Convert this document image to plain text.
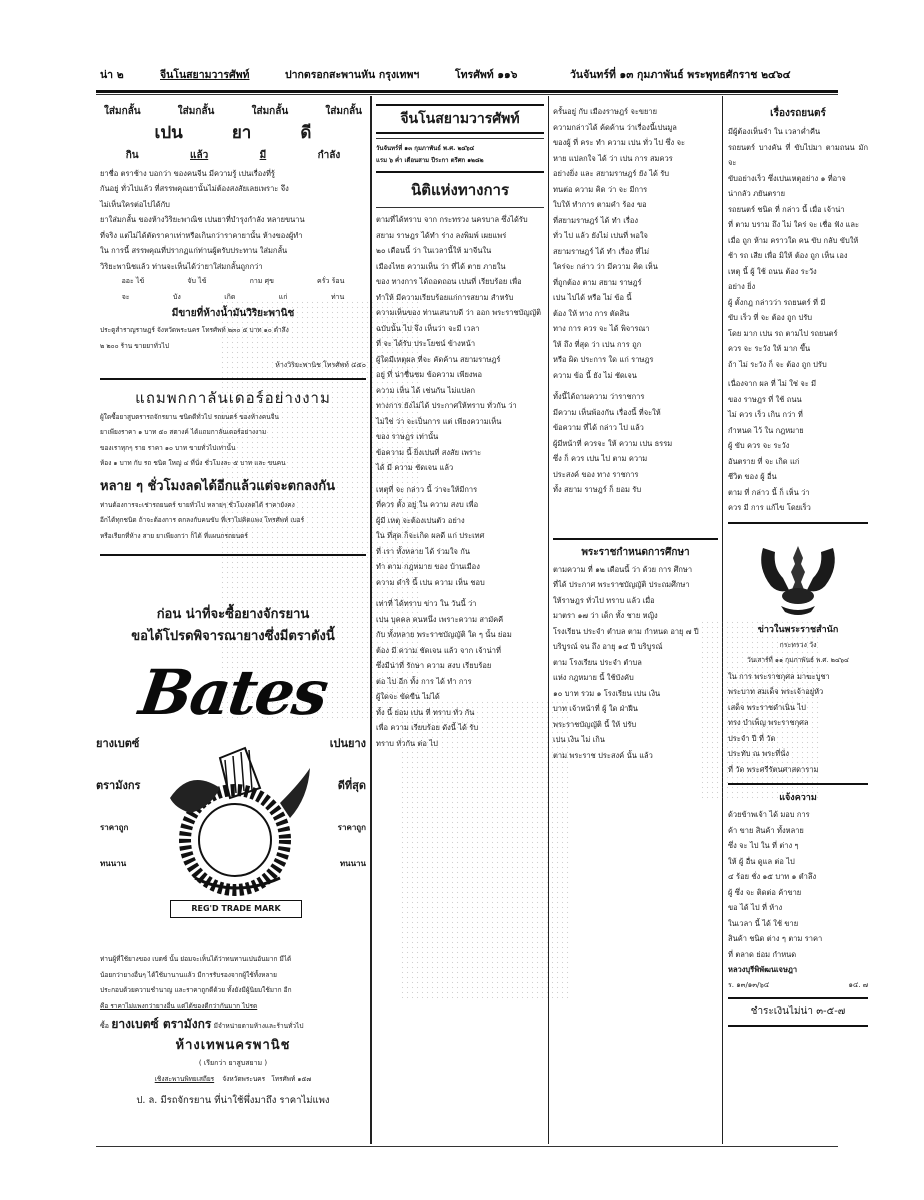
น่า ๒	จีนโนสยามวารศัพท์	ปากตรอกสะพานหัน กรุงเทพฯ	โทรศัพท์ ๑๑๖	วันจันทร์ที่ ๑๓ กุมภาพันธ์ พระพุทธศักราช ๒๔๖๔
ใส่มกลั้น	ใส่มกลั้น	ใส่มกลั้น	ใส่มกลั้น
เปน	ยา	ดี
กิน	แล้ว	มี	กำลัง

ยาชื่อ ตราช้าง บอกว่า ของคนจีน มีความรู้ เปนเรื่องที่รู้

กันอยู่ ทั่วไปแล้ว ที่สรรพคุณยานั้นไม่ต้องสงสัยเลยเพราะ จึง

ไม่เห็นใครต่อไปได้กับ

ยาใส่มกลั้น ของห้างวิริยะพาณิช เปนยาที่บำรุงกำลัง หลายขนาน

ที่จริง แต่ไม่ได้ตัดราคาเท่าหรือเกินกว่าราคายานั้น ห้างของผู้ทำ

ใน การนี้ สรรพคุณที่ปรากฏแก่ท่านผู้ตรับประทาน ใส่มกลั้น

วิริยะพานิชแล้ว ท่านจะเห็นได้ว่ายาใส่มกลั้นถูกกว่า

ออะ ไข้	จับ ไข้	กาม ศุข	ครั่ว ร้อน
จะ	บัง	เกิด	แก่	ท่าน
มีขายที่ห้างน้ำมันวิริยะพานิช

ประตูสำราญราษฎร์ จังหวัดพระนคร โทรศัพท์ ๒๓๐ ๕ บาท ๑๐ ตำลึง

๒ ๒๐๐ ร้าน ขายยาทั่วไป

ห้างวิริยะพานิช โทรศัพท์ ๔๕๐
แถมพกกาลันเดอร์อย่างงาม

ผู้ใดซื้อยาสูบตรารถจักรยาน ชนิดดีทั่วไป รถยนตร์ ของห้างคนจีน

ยาเพียงราคา ๑ บาท ๕๐ สตางค์ ได้แถมกาลันเดอร์อย่างงาม

ของเราทุกๆ ราย ราคา ๑๐ บาท ขายทั่วไปเท่านั้น

ห้อง ๑ บาท กับ รถ ชนิด ใหญ่ ๔ ที่นั่ง ชั่วโมงละ ๕ บาท และ ขนคน

หลาย ๆ ชั่วโมงลดได้อีกแล้วแต่จะตกลงกัน

ท่านต้องการจะเช่ารถยนตร์ ขายทั่วไป หลายๆ ชั่วโมงลดได้ ราคายังคง

อีกได้ทุกชนิด ถ้าจะต้องการ ตกลงกับคนขับ ที่เราไม่คิดแพง โทรศัพท์ เบอร์

หรือเรียกที่ห้าง สาย ยาเพียงกว่า ก็ได้ ที่แผนกรถยนตร์

ก่อน น่าที่จะซื้อยางจักรยาน
ขอได้โปรดพิจารณายางซึ่งมีตราดังนี้
Bates
ยางเบตซ์
ตรามังกร
ราคาถูก
ทนนาน
เปนยาง
ดีที่สุด
ราคาถูก
ทนนาน
REG'D TRADE MARK

ท่านผู้ที่ใช้ยางของ เบตซ์ นั้น ย่อมจะเห็นได้ว่าทนทานเปนอันมาก มีได้

น้อยกว่ายางอื่นๆ ได้ใช้มานานแล้ว มีการรับรองจากผู้ใช้ทั้งหลาย

ประกอบด้วยความชำนาญ และราคาถูกดีด้วย ทั้งยังมีผู้นิยมใช้มาก อีก

คือ ราคาไม่แพงกว่ายางอื่น แต่ได้ของดีกว่ากันมาก ไปรด

ซื้อ ยางเบตซ์ ตรามังกร มีจำหน่ายตามห้างและร้านทั่วไป
ห้างเทพนครพานิช
( เรียกว่า ยาสูบสยาม )
เชิงสะพานพิทยเสถียร จังหวัดพระนคร โทรศัพท์ ๑๕๗
ป. ล. มีรถจักรยาน ที่น่าใช้พึ่งมาถึง ราคาไม่แพง
จีนโนสยามวารศัพท์
วันจันทร์ที่ ๑๓ กุมภาพันธ์ พ.ศ. ๒๔๖๔
แรม ๖ ค่ำ เดือนสาม ปีระกา ตรีศก ๑๒๘๒
นิติแห่งทางการ

ตามที่ได้ทราบ จาก กระทรวง นครบาล ซึ่งได้รับ

สยาม ราษฎร ได้ทำ ร่าง ลงพิมพ์ เผยแพร่

๒๐ เดือนนี้ ว่า ในเวลานี้ให้ มาจีนใน

เมืองไทย ความเห็น ว่า ที่ได้ ตาย ภายใน

ของ ทางการ ได้ถอดถอน เปนที่ เรียบร้อย เพื่อ

ทำให้ มีความเรียบร้อยแก่การสยาม สำหรับ

ความเห็นของ ท่านเสนาบดี ว่า ออก พระราชบัญญัติ

ฉบับนั้น ไป จึง เห็นว่า จะมี เวลา

ที่ จะ ได้รับ ประโยชน์ ข้างหน้า

ผู้ใดมีเหตุผล ที่จะ คัดค้าน สยามราษฎร์

อยู่ ที่ น่าชื่นชม ข้อความ เพียงพอ

ความ เห็น ได้ เช่นกัน ไม่แปลก

ทางการ ยังไม่ได้ ประกาศให้ทราบ ทั่วกัน ว่า

ไม่ใช่ ว่า จะเป็นการ แต่ เพียงความเห็น

ของ ราษฎร เท่านั้น

ข้อความ นี้ ยิ่งเปนที่ สงสัย เพราะ

ได้ มี ความ ชัดเจน แล้ว

เหตุที่ จะ กล่าว นี้ ว่าจะให้มีการ

ที่ควร ตั้ง อยู่ ใน ความ สงบ เพื่อ

ผู้มี เหตุ จะต้องเปนตัว อย่าง

ใน ที่สุด ก็จะเกิด ผลดี แก่ ประเทศ

ที่ เรา ทั้งหลาย ได้ ร่วมใจ กัน

ทำ ตาม กฎหมาย ของ บ้านเมือง

ความ ดำริ นี้ เปน ความ เห็น ชอบ

เท่าที่ ได้ทราบ ข่าว ใน วันนี้ ว่า

เปน บุคคล คนหนึ่ง เพราะความ สามัคคี

กับ ทั้งหลาย พระราชบัญญัติ ใด ๆ นั้น ย่อม

ต้อง มี ความ ชัดเจน แล้ว จาก เจ้าน่าที่

ซึ่งมีน่าที่ รักษา ความ สงบ เรียบร้อย

ต่อ ไป อีก ทั้ง การ ได้ ทำ การ

ผู้ใดจะ ขัดขืน ไม่ได้

ทั้ง นี้ ย่อม เปน ที่ ทราบ ทั่ว กัน

เพื่อ ความ เรียบร้อย ดังนี้ ได้ รับ

ทราบ ทั่วกัน ต่อ ไป

ครั้นอยู่ กับ เมืองราษฎร์ จะขยาย

ความกล่าวได้ ค้ดค้าน ว่าเรื่องนี้เปนมูล

ของผู้ ที่ คระ ทำ ความ เปน ทั่ว ไป ซึ่ง จะ

หาย แปลกใจ ได้ ว่า เปน การ สมควร

อย่างยิ่ง และ สยามราษฎร์ ยัง ได้ รับ

ทนต่อ ความ คิด ว่า จะ มีการ

ใบให้ ทำการ ตามคำ ร้อง ขอ

ที่สยามราษฎร์ ได้ ทำ เรื่อง

ทั่ว ไป แล้ว ยังไม่ เปนที่ พอใจ

สยามราษฎร์ ได้ ทำ เรื่อง ที่ไม่

ใคร่จะ กล่าว ว่า มีความ คิด เห็น

ที่ถูกต้อง ตาม สยาม ราษฎร์

เปน ไปได้ หรือ ไม่ ข้อ นี้

ต้อง ให้ ทาง การ ตัดสิน

ทาง การ ควร จะ ได้ พิจารณา

ให้ ถึง ที่สุด ว่า เปน การ ถูก

หรือ ผิด ประการ ใด แก่ ราษฎร

ความ ข้อ นี้ ยัง ไม่ ชัดเจน

ทั้งนี้ได้ถามความ ว่าราชการ

มีความ เห็นพ้องกัน เรื่องนี้ ที่จะให้

ข้อความ ที่ได้ กล่าว ไป แล้ว

ผู้มีหน้าที่ ควรจะ ให้ ความ เปน ธรรม

ซึ่ง ก็ ควร เปน ไป ตาม ความ

ประสงค์ ของ ทาง ราชการ

ทั้ง สยาม ราษฎร์ ก็ ยอม รับ

พระราชกำหนดการศึกษา

ตามความ ที่ ๑๒ เดือนนี้ ว่า ด้วย การ ศึกษา

ที่ได้ ประกาศ พระราชบัญญัติ ประถมศึกษา

ให้ราษฎร ทั่วไป ทราบ แล้ว เมื่อ

มาตรา ๑๗ ว่า เด็ก ทั้ง ชาย หญิง

โรงเรียน ประจำ ตำบล ตาม กำหนด อายุ ๗ ปี

บริบูรณ์ จน ถึง อายุ ๑๔ ปี บริบูรณ์

ตาม โรงเรียน ประจำ ตำบล

แห่ง กฎหมาย นี้ ใช้บังคับ

๑๐ บาท รวม ๑ โรงเรียน เปน เงิน

บาท เจ้าหน้าที่ ผู้ ใด ฝ่าฝืน

พระราชบัญญัติ นี้ ให้ ปรับ

เปน เงิน ไม่ เกิน

ตาม พระราช ประสงค์ นั้น แล้ว

เรื่องรถยนตร์

มีผู้ต้องเห็นจำ ใน เวลาค่ำคืน

รถยนตร์ บางคัน ที่ ขับไปมา ตามถนน มักจะ

ขับอย่างเร็ว ซึ่งเปนเหตุอย่าง ๑ ที่อาจ

น่ากลัว ภยันตราย

รถยนตร์ ชนิด ที่ กล่าว นี้ เมื่อ เจ้าน่า

ที่ ตาม บราม ถึง ไม่ ใคร่ จะ เชื่อ ฟัง และ

เมื่อ ถูก ห้าม คราวใด คน ขับ กลับ ขับให้

ช้า รถ เสีย เพื่อ มิให้ ต้อง ถูก เห็น เอง

เหตุ นี้ ผู้ ใช้ ถนน ต้อง ระวัง

อย่าง ยิ่ง

ผู้ ตั้งกฎ กล่าวว่า รถยนตร์ ที่ มี

ขับ เร็ว ที่ จะ ต้อง ถูก ปรับ

โดย มาก เปน รถ ตามไป รถยนตร์

ควร จะ ระวัง ให้ มาก ขึ้น

ถ้า ไม่ ระวัง ก็ จะ ต้อง ถูก ปรับ

เนื่องจาก ผล ที่ ไม่ ใช่ จะ มี

ของ ราษฎร ที่ ใช้ ถนน

ไม่ ควร เร็ว เกิน กว่า ที่

กำหนด ไว้ ใน กฎหมาย

ผู้ ขับ ควร จะ ระวัง

อันตราย ที่ จะ เกิด แก่

ชีวิต ของ ผู้ อื่น

ตาม ที่ กล่าว นี้ ก็ เห็น ว่า

ควร มี การ แก้ไข โดยเร็ว

ข่าวในพระราชสำนัก
กระทรวง วัง
วันเสาร์ที่ ๑๑ กุมภาพันธ์ พ.ศ. ๒๔๖๔

ใน การ พระราชกุศล มาฆะบูชา

พระบาท สมเด็จ พระเจ้าอยู่หัว

เสด็จ พระราชดำเนิน ไป

ทรง บำเพ็ญ พระราชกุศล

ประจำ ปี ที่ วัด

ประทับ ณ พระที่นั่ง

ที่ วัด พระศรีรัตนศาสดาราม

แจ้งความ

ด้วยข้าพเจ้า ได้ มอบ การ

ค้า ขาย สินค้า ทั้งหลาย

ซึ่ง จะ ไป ใน ที่ ต่าง ๆ

ให้ ผู้ อื่น ดูแล ต่อ ไป

๔ ร้อย ชั่ง ๑๕ บาท ๑ ตำลึง

ผู้ ซึ่ง จะ ติดต่อ ค้าขาย

ขอ ได้ ไป ที่ ห้าง

ในเวลา นี้ ได้ ใช้ ขาย

สินค้า ชนิด ต่าง ๆ ตาม ราคา

ที่ ตลาด ย่อม กำหนด

หลวงบุรีพิพัฒนเจษฎา

ร. ๑๓/๑๓/๖๔	๑๔. ๗
ชำระเงินไม่น่า ๓-๕-๗
